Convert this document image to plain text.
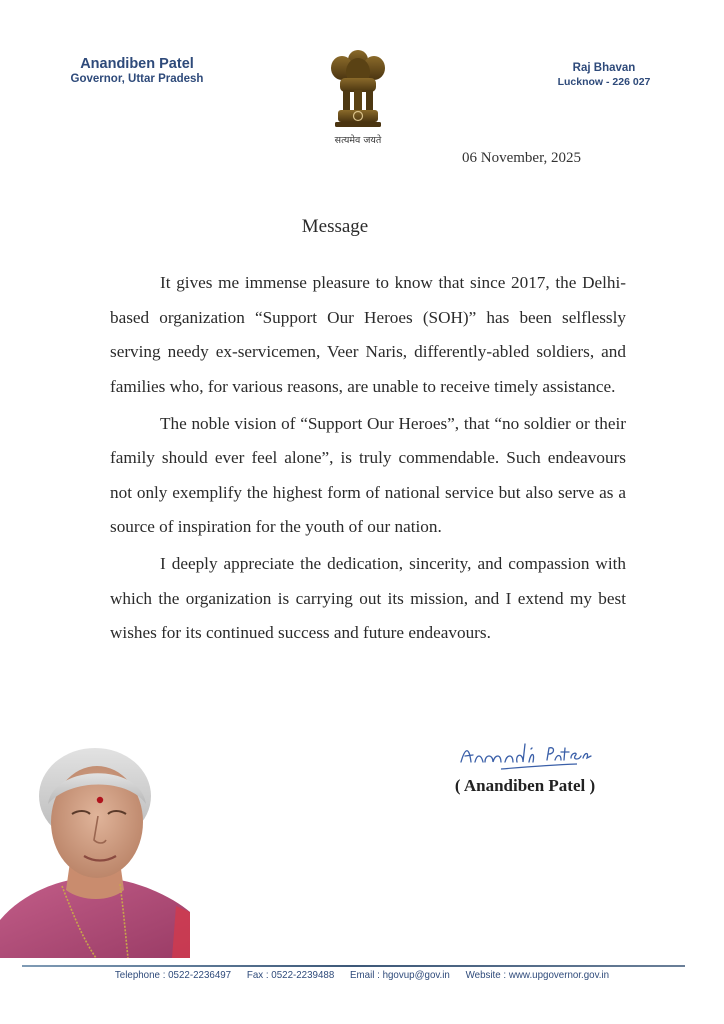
Anandiben Patel
Governor, Uttar Pradesh
सत्यमेव जयते
Raj Bhavan
Lucknow - 226 027
06 November, 2025
Message

It gives me immense pleasure to know that since 2017, the Delhi-based organization “Support Our Heroes (SOH)” has been selflessly serving needy ex-servicemen, Veer Naris, differently-abled soldiers, and families who, for various reasons, are unable to receive timely assistance.

The noble vision of “Support Our Heroes”, that “no soldier or their family should ever feel alone”, is truly commendable. Such endeavours not only exemplify the highest form of national service but also serve as a source of inspiration for the youth of our nation.

I deeply appreciate the dedication, sincerity, and compassion with which the organization is carrying out its mission, and I extend my best wishes for its continued success and future endeavours.

( Anandiben Patel )
Telephone : 0522-2236497 Fax : 0522-2239488 Email : hgovup@gov.in Website : www.upgovernor.gov.in
